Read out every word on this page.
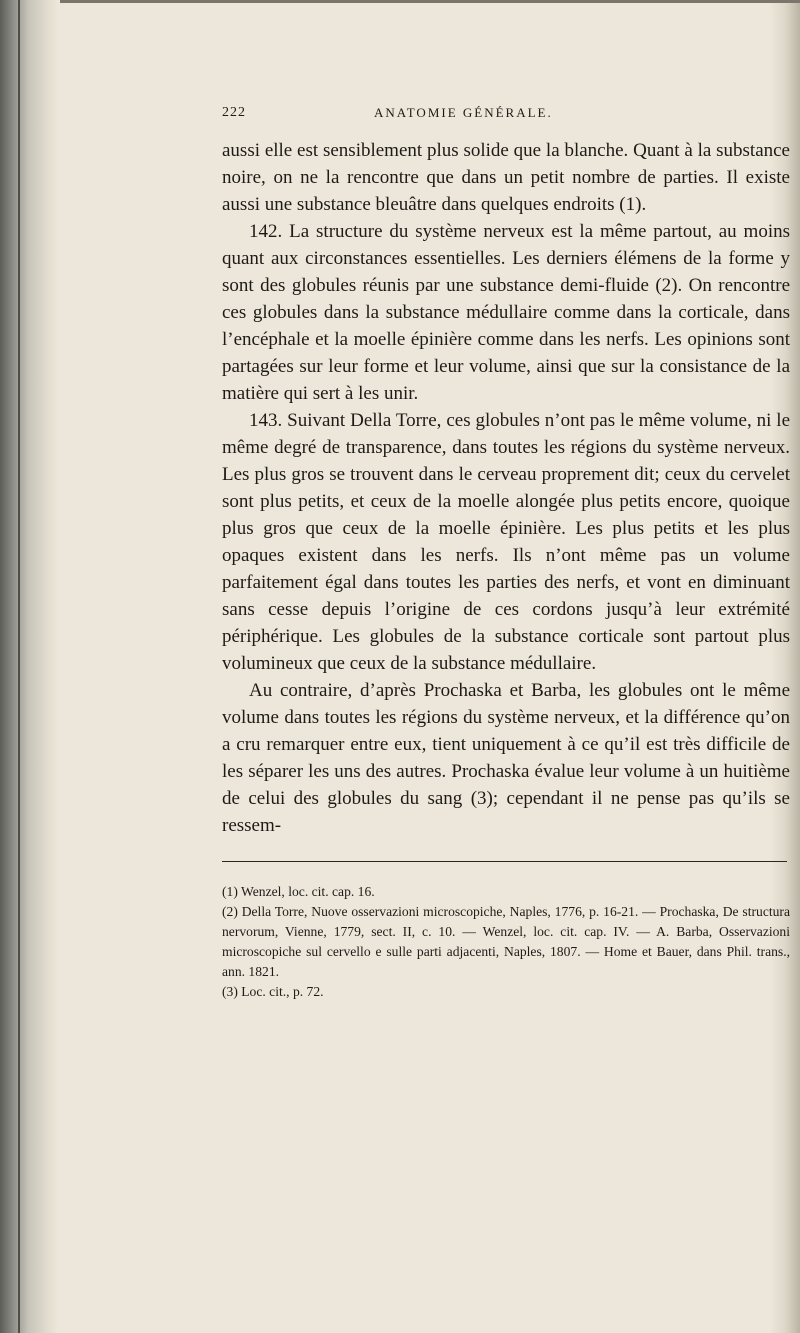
222	ANATOMIE GÉNÉRALE.

aussi elle est sensiblement plus solide que la blanche. Quant à la substance noire, on ne la rencontre que dans un petit nombre de parties. Il existe aussi une substance bleuâtre dans quelques endroits (1).

142. La structure du système nerveux est la même partout, au moins quant aux circonstances essentielles. Les derniers élémens de la forme y sont des globules réunis par une substance demi-fluide (2). On rencontre ces globules dans la substance médullaire comme dans la corticale, dans l’encéphale et la moelle épinière comme dans les nerfs. Les opinions sont partagées sur leur forme et leur volume, ainsi que sur la consistance de la matière qui sert à les unir.

143. Suivant Della Torre, ces globules n’ont pas le même volume, ni le même degré de transparence, dans toutes les régions du système nerveux. Les plus gros se trouvent dans le cerveau proprement dit; ceux du cervelet sont plus petits, et ceux de la moelle alongée plus petits encore, quoique plus gros que ceux de la moelle épinière. Les plus petits et les plus opaques existent dans les nerfs. Ils n’ont même pas un volume parfaitement égal dans toutes les parties des nerfs, et vont en diminuant sans cesse depuis l’origine de ces cordons jusqu’à leur extrémité périphérique. Les globules de la substance corticale sont partout plus volumineux que ceux de la substance médullaire.

Au contraire, d’après Prochaska et Barba, les globules ont le même volume dans toutes les régions du système nerveux, et la différence qu’on a cru remarquer entre eux, tient uniquement à ce qu’il est très difficile de les séparer les uns des autres. Prochaska évalue leur volume à un huitième de celui des globules du sang (3); cependant il ne pense pas qu’ils se ressem-

(1) Wenzel, loc. cit. cap. 16.

(2) Della Torre, Nuove osservazioni microscopiche, Naples, 1776, p. 16-21. — Prochaska, De structura nervorum, Vienne, 1779, sect. II, c. 10. — Wenzel, loc. cit. cap. IV. — A. Barba, Osservazioni microscopiche sul cervello e sulle parti adjacenti, Naples, 1807. — Home et Bauer, dans Phil. trans., ann. 1821.

(3) Loc. cit., p. 72.
